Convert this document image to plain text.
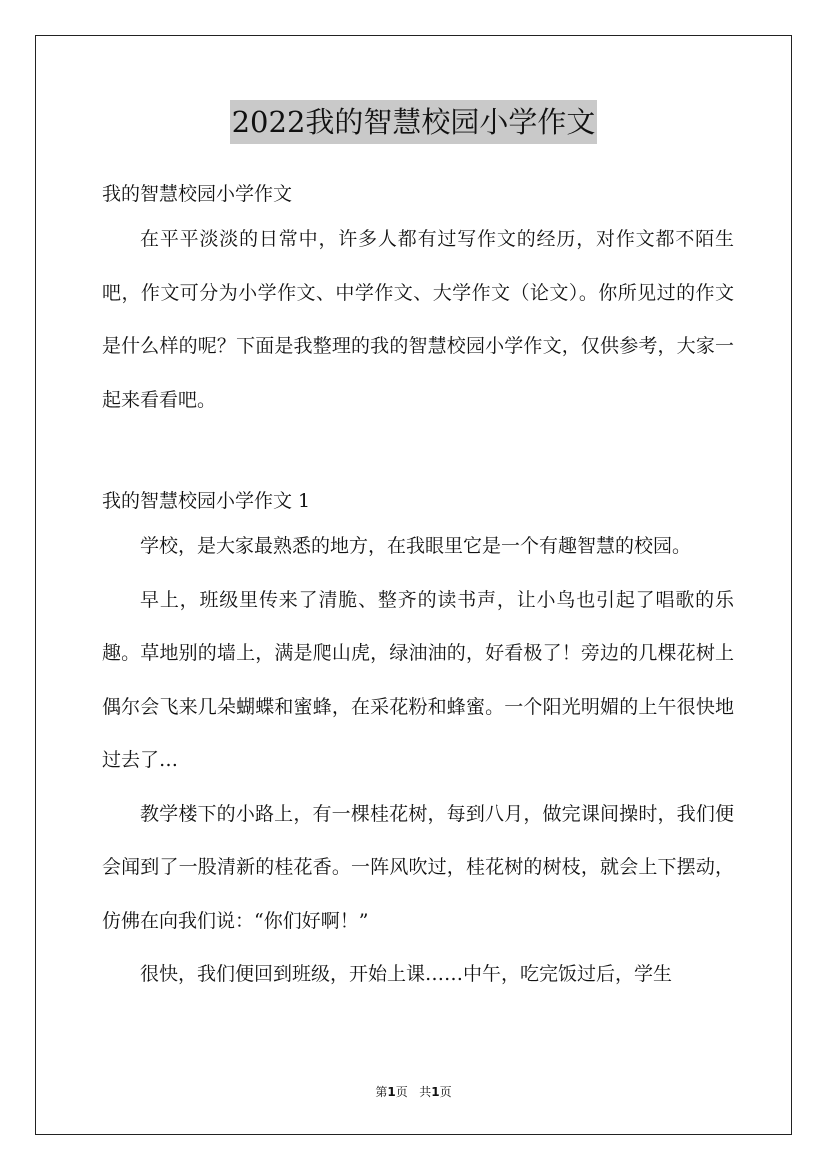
2022我的智慧校园小学作文
我的智慧校园小学作文

在平平淡淡的日常中，许多人都有过写作文的经历，对作文都不陌生吧，作文可分为小学作文、中学作文、大学作文（论文）。你所见过的作文是什么样的呢？下面是我整理的我的智慧校园小学作文，仅供参考，大家一起来看看吧。

我的智慧校园小学作文 1

学校，是大家最熟悉的地方，在我眼里它是一个有趣智慧的校园。

早上，班级里传来了清脆、整齐的读书声，让小鸟也引起了唱歌的乐趣。草地别的墙上，满是爬山虎，绿油油的，好看极了！旁边的几棵花树上偶尔会飞来几朵蝴蝶和蜜蜂，在采花粉和蜂蜜。一个阳光明媚的上午很快地过去了…

教学楼下的小路上，有一棵桂花树，每到八月，做完课间操时，我们便会闻到了一股清新的桂花香。一阵风吹过，桂花树的树枝，就会上下摆动，仿佛在向我们说：“你们好啊！”

很快，我们便回到班级，开始上课……中午，吃完饭过后，学生

第1页 共1页
